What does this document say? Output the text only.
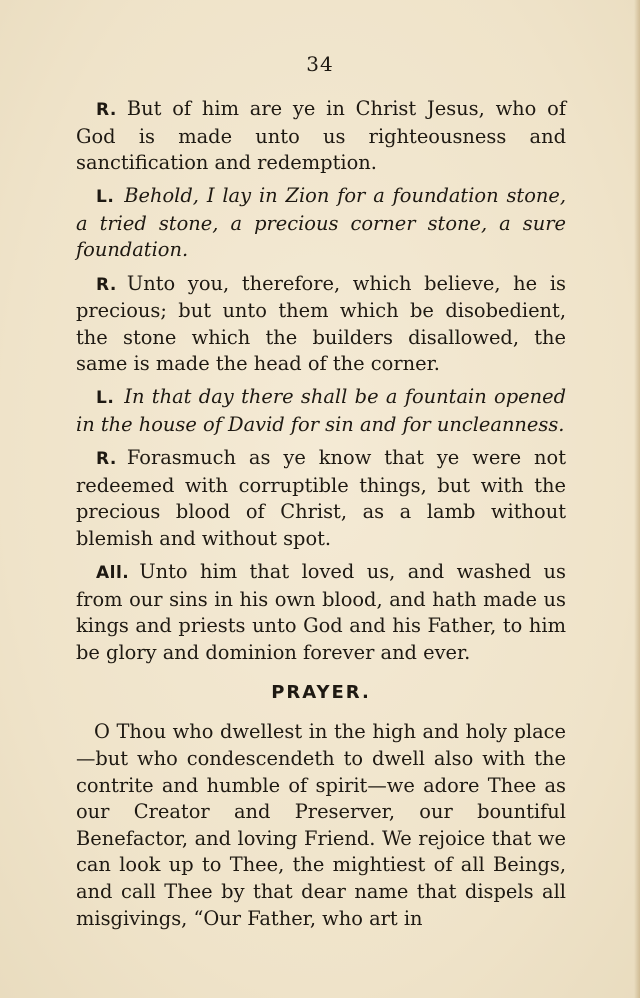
34

R. But of him are ye in Christ Jesus, who of God is made unto us righteousness and sanctification and redemption.

L. Behold, I lay in Zion for a foundation stone, a tried stone, a precious corner stone, a sure foundation.

R. Unto you, therefore, which believe, he is precious; but unto them which be disobedient, the stone which the builders disallowed, the same is made the head of the corner.

L. In that day there shall be a fountain opened in the house of David for sin and for uncleanness.

R. Forasmuch as ye know that ye were not redeemed with corruptible things, but with the precious blood of Christ, as a lamb without blemish and without spot.

All. Unto him that loved us, and washed us from our sins in his own blood, and hath made us kings and priests unto God and his Father, to him be glory and dominion forever and ever.

PRAYER.

O Thou who dwellest in the high and holy place—but who condescendeth to dwell also with the contrite and humble of spirit—we adore Thee as our Creator and Preserver, our bountiful Benefactor, and loving Friend. We rejoice that we can look up to Thee, the mightiest of all Beings, and call Thee by that dear name that dispels all misgivings, “Our Father, who art in
